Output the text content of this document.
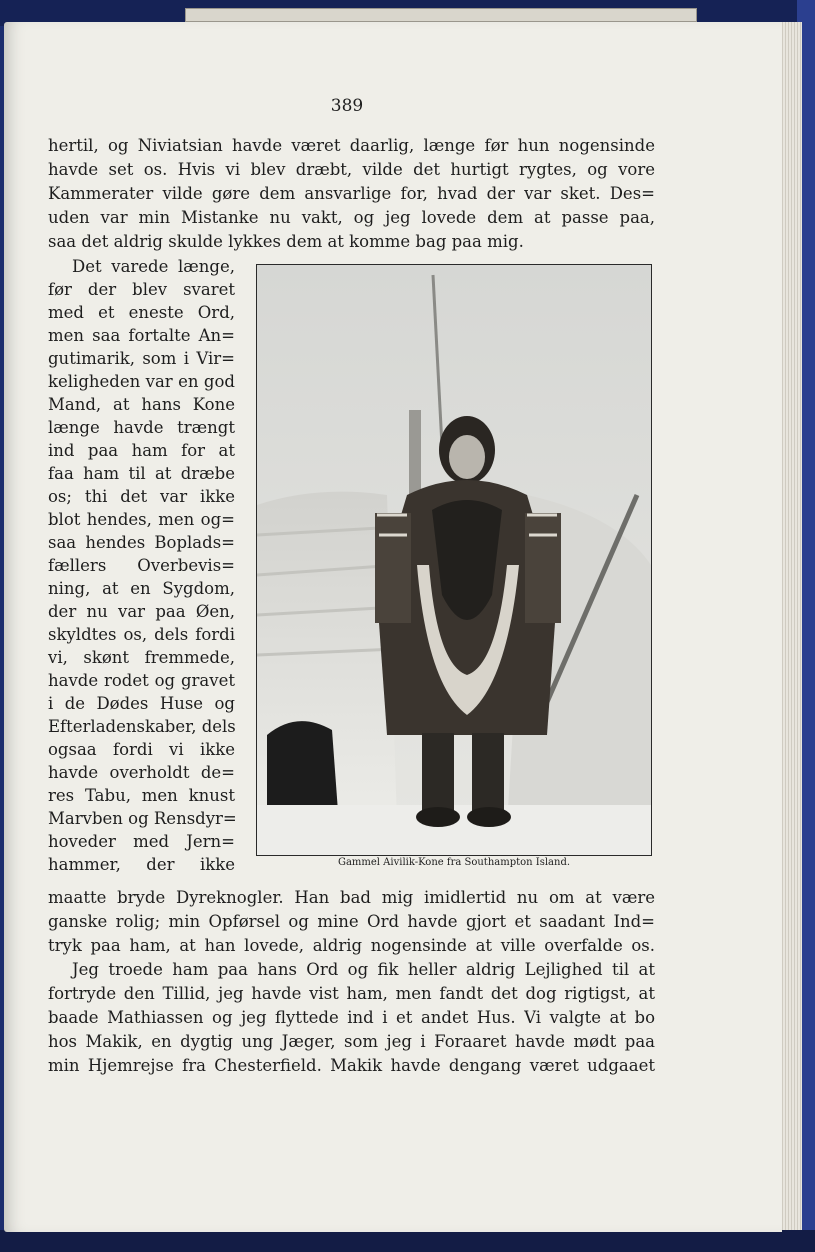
389

hertil, og Niviatsian havde været daarlig, længe før hun nogensinde

havde set os. Hvis vi blev dræbt, vilde det hurtigt rygtes, og vore

Kammerater vilde gøre dem ansvarlige for, hvad der var sket. Des=

uden var min Mistanke nu vakt, og jeg lovede dem at passe paa,

saa det aldrig skulde lykkes dem at komme bag paa mig.

Det varede længe,

før der blev svaret

med et eneste Ord,

men saa fortalte An=

gutimarik, som i Vir=

keligheden var en god

Mand, at hans Kone

længe havde trængt

ind paa ham for at

faa ham til at dræbe

os; thi det var ikke

blot hendes, men og=

saa hendes Boplads=

fællers Overbevis=

ning, at en Sygdom,

der nu var paa Øen,

skyldtes os, dels fordi

vi, skønt fremmede,

havde rodet og gravet

i de Dødes Huse og

Efterladenskaber, dels

ogsaa fordi vi ikke

havde overholdt de=

res Tabu, men knust

Marvben og Rensdyr=

hoveder med Jern=

hammer, der ikke	Gammel Aivilik-Kone fra Southampton Island.

maatte bryde Dyreknogler. Han bad mig imidlertid nu om at være

ganske rolig; min Opførsel og mine Ord havde gjort et saadant Ind=

tryk paa ham, at han lovede, aldrig nogensinde at ville overfalde os.

Jeg troede ham paa hans Ord og fik heller aldrig Lejlighed til at

fortryde den Tillid, jeg havde vist ham, men fandt det dog rigtigst, at

baade Mathiassen og jeg flyttede ind i et andet Hus. Vi valgte at bo

hos Makik, en dygtig ung Jæger, som jeg i Foraaret havde mødt paa

min Hjemrejse fra Chesterfield. Makik havde dengang været udgaaet
